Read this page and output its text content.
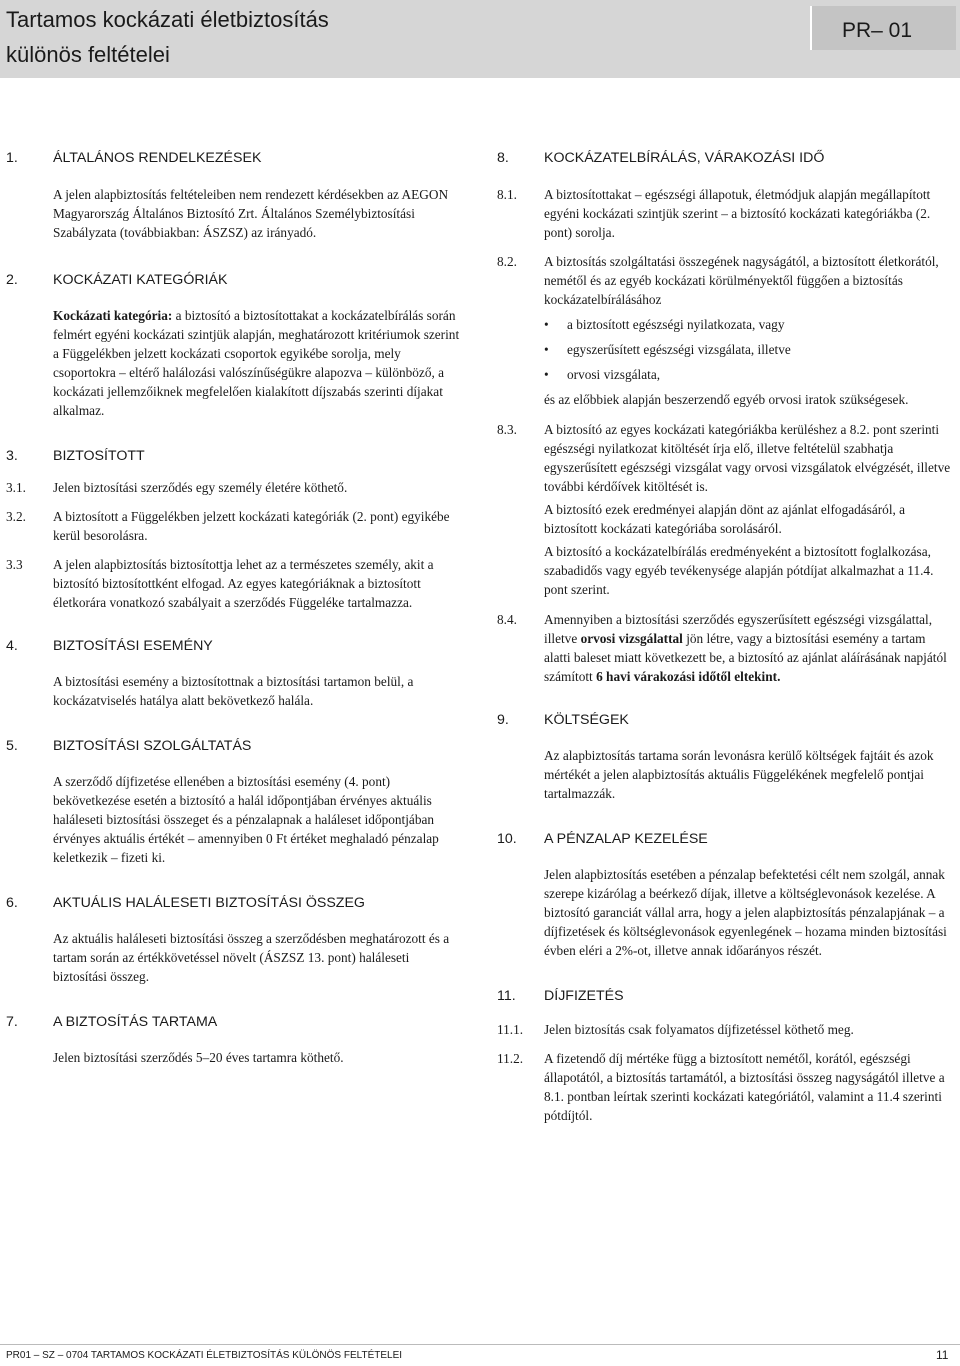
Tartamos kockázati életbiztosítás
különös feltételei
PR– 01
1.	ÁLTALÁNOS RENDELKEZÉSEK

A jelen alapbiztosítás feltételeiben nem rendezett kérdésekben az AEGON Magyarország Általános Biztosító Zrt. Általános Személybiztosítási Szabályzata (továbbiakban: ÁSZSZ) az irányadó.

2.	KOCKÁZATI KATEGÓRIÁK

Kockázati kategória: a biztosító a biztosítottakat a kockázatelbírálás során felmért egyéni kockázati szintjük alapján, meghatározott kritériumok szerint a Függelékben jelzett kockázati csoportok egyikébe sorolja, mely csoportokra – eltérő halálozási valószínűségükre alapozva – különböző, a kockázati jellemzőiknek megfelelően kialakított díjszabás szerinti díjakat alkalmaz.

3.	BIZTOSÍTOTT
3.1.	Jelen biztosítási szerződés egy személy életére köthető.
3.2.	A biztosított a Függelékben jelzett kockázati kategóriák (2. pont) egyikébe kerül besorolásra.
3.3	A jelen alapbiztosítás biztosítottja lehet az a természetes személy, akit a biztosító biztosítottként elfogad. Az egyes kategóriáknak a biztosított életkorára vonatkozó szabályait a szerződés Függeléke tartalmazza.
4.	BIZTOSÍTÁSI ESEMÉNY

A biztosítási esemény a biztosítottnak a biztosítási tartamon belül, a kockázatviselés hatálya alatt bekövetkező halála.

5.	BIZTOSÍTÁSI SZOLGÁLTATÁS

A szerződő díjfizetése ellenében a biztosítási esemény (4. pont) bekövetkezése esetén a biztosító a halál időpontjában érvényes aktuális haláleseti biztosítási összeget és a pénzalapnak a haláleset időpontjában érvényes aktuális értékét – amennyiben 0 Ft értéket meghaladó pénzalap keletkezik – fizeti ki.

6.	AKTUÁLIS HALÁLESETI BIZTOSÍTÁSI ÖSSZEG

Az aktuális haláleseti biztosítási összeg a szerződésben meghatározott és a tartam során az értékkövetéssel növelt (ÁSZSZ 13. pont) haláleseti biztosítási összeg.

7.	A BIZTOSÍTÁS TARTAMA

Jelen biztosítási szerződés 5–20 éves tartamra köthető.

8.	KOCKÁZATELBÍRÁLÁS, VÁRAKOZÁSI IDŐ
8.1.	A biztosítottakat – egészségi állapotuk, életmódjuk alapján megállapított egyéni kockázati szintjük szerint – a biztosító kockázati kategóriákba (2. pont) sorolja.
8.2.	A biztosítás szolgáltatási összegének nagyságától, a biztosított életkorától, nemétől és az egyéb kockázati körülményektől függően a biztosítás kockázatelbírálásához

•	a biztosított egészségi nyilatkozata, vagy
•	egyszerűsített egészségi vizsgálata, illetve
•	orvosi vizsgálata,

és az előbbiek alapján beszerzendő egyéb orvosi iratok szükségesek.

8.3.	A biztosító az egyes kockázati kategóriákba kerüléshez a 8.2. pont szerinti egészségi nyilatkozat kitöltését írja elő, illetve feltételül szabhatja egyszerűsített egészségi vizsgálat vagy orvosi vizsgálatok elvégzését, illetve további kérdőívek kitöltését is.

A biztosító ezek eredményei alapján dönt az ajánlat elfogadásáról, a biztosított kockázati kategóriába sorolásáról.

A biztosító a kockázatelbírálás eredményeként a biztosított foglalkozása, szabadidős vagy egyéb tevékenysége alapján pótdíjat alkalmazhat a 11.4. pont szerint.

8.4.	Amennyiben a biztosítási szerződés egyszerűsített egészségi vizsgálattal, illetve orvosi vizsgálattal jön létre, vagy a biztosítási esemény a tartam alatti baleset miatt következett be, a biztosító az ajánlat aláírásának napjától számított 6 havi várakozási időtől eltekint.

9.	KÖLTSÉGEK

Az alapbiztosítás tartama során levonásra kerülő költségek fajtáit és azok mértékét a jelen alapbiztosítás aktuális Függelékének megfelelő pontjai tartalmazzák.

10.	A PÉNZALAP KEZELÉSE

Jelen alapbiztosítás esetében a pénzalap befektetési célt nem szolgál, annak szerepe kizárólag a beérkező díjak, illetve a költséglevonások kezelése. A biztosító garanciát vállal arra, hogy a jelen alapbiztosítás pénzalapjának – a díjfizetések és költséglevonások egyenlegének – hozama minden biztosítási évben eléri a 2%-ot, illetve annak időarányos részét.

11.	DÍJFIZETÉS
11.1.	Jelen biztosítás csak folyamatos díjfizetéssel köthető meg.
11.2.	A fizetendő díj mértéke függ a biztosított nemétől, korától, egészségi állapotától, a biztosítás tartamától, a biztosítási összeg nagyságától illetve a 8.1. pontban leírtak szerinti kockázati kategóriától, valamint a 11.4 szerinti pótdíjtól.
PR01 – SZ – 0704 TARTAMOS KOCKÁZATI ÉLETBIZTOSÍTÁS KÜLÖNÖS FELTÉTELEI	11
